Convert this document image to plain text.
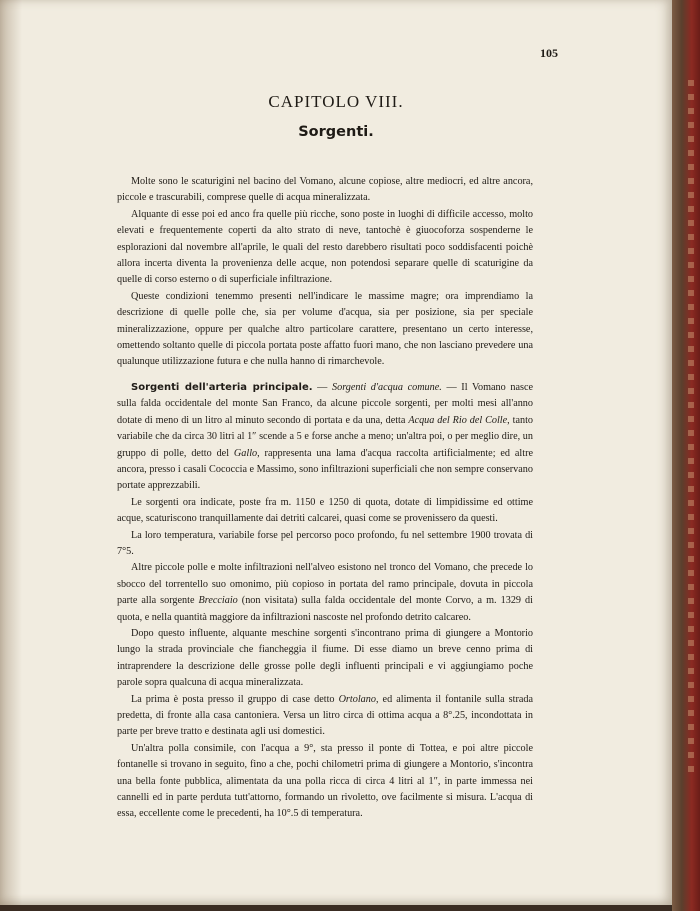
105
CAPITOLO VIII.
Sorgenti.

Molte sono le scaturigini nel bacino del Vomano, alcune copiose, altre mediocri, ed altre ancora, piccole e trascurabili, comprese quelle di acqua mineralizzata.

Alquante di esse poi ed anco fra quelle più ricche, sono poste in luoghi di difficile accesso, molto elevati e frequentemente coperti da alto strato di neve, tantochè è giuocoforza sospenderne le esplorazioni dal novembre all'aprile, le quali del resto darebbero risultati poco soddisfacenti poichè allora incerta diventa la provenienza delle acque, non potendosi separare quelle di scaturigine da quelle di corso esterno o di superficiale infiltrazione.

Queste condizioni tenemmo presenti nell'indicare le massime magre; ora imprendiamo la descrizione di quelle polle che, sia per volume d'acqua, sia per posizione, sia per speciale mineralizzazione, oppure per qualche altro particolare carattere, presentano un certo interesse, omettendo soltanto quelle di piccola portata poste affatto fuori mano, che non lasciano prevedere una qualunque utilizzazione futura e che nulla hanno di rimarchevole.

Sorgenti dell'arteria principale. — Sorgenti d'acqua comune. — Il Vomano nasce sulla falda occidentale del monte San Franco, da alcune piccole sorgenti, per molti mesi all'anno dotate di meno di un litro al minuto secondo di portata e da una, detta Acqua del Rio del Colle, tanto variabile che da circa 30 litri al 1″ scende a 5 e forse anche a meno; un'altra poi, o per meglio dire, un gruppo di polle, detto del Gallo, rappresenta una lama d'acqua raccolta artificialmente; ed altre ancora, presso i casali Cococcia e Massimo, sono infiltrazioni superficiali che non sempre conservano portate apprezzabili.

Le sorgenti ora indicate, poste fra m. 1150 e 1250 di quota, dotate di limpidissime ed ottime acque, scaturiscono tranquillamente dai detriti calcarei, quasi come se provenissero da questi.

La loro temperatura, variabile forse pel percorso poco profondo, fu nel settembre 1900 trovata di 7°5.

Altre piccole polle e molte infiltrazioni nell'alveo esistono nel tronco del Vomano, che precede lo sbocco del torrentello suo omonimo, più copioso in portata del ramo principale, dovuta in piccola parte alla sorgente Brecciaio (non visitata) sulla falda occidentale del monte Corvo, a m. 1329 di quota, e nella quantità maggiore da infiltrazioni nascoste nel profondo detrito calcareo.

Dopo questo influente, alquante meschine sorgenti s'incontrano prima di giungere a Montorio lungo la strada provinciale che fiancheggia il fiume. Di esse diamo un breve cenno prima di intraprendere la descrizione delle grosse polle degli influenti principali e vi aggiungiamo poche parole sopra qualcuna di acqua mineralizzata.

La prima è posta presso il gruppo di case detto Ortolano, ed alimenta il fontanile sulla strada predetta, di fronte alla casa cantoniera. Versa un litro circa di ottima acqua a 8°.25, incondottata in parte per breve tratto e destinata agli usi domestici.

Un'altra polla consimile, con l'acqua a 9°, sta presso il ponte di Tottea, e poi altre piccole fontanelle si trovano in seguito, fino a che, pochi chilometri prima di giungere a Montorio, s'incontra una bella fonte pubblica, alimentata da una polla ricca di circa 4 litri al 1″, in parte immessa nei cannelli ed in parte perduta tutt'attorno, formando un rivoletto, ove facilmente si misura. L'acqua di essa, eccellente come le precedenti, ha 10°.5 di temperatura.
